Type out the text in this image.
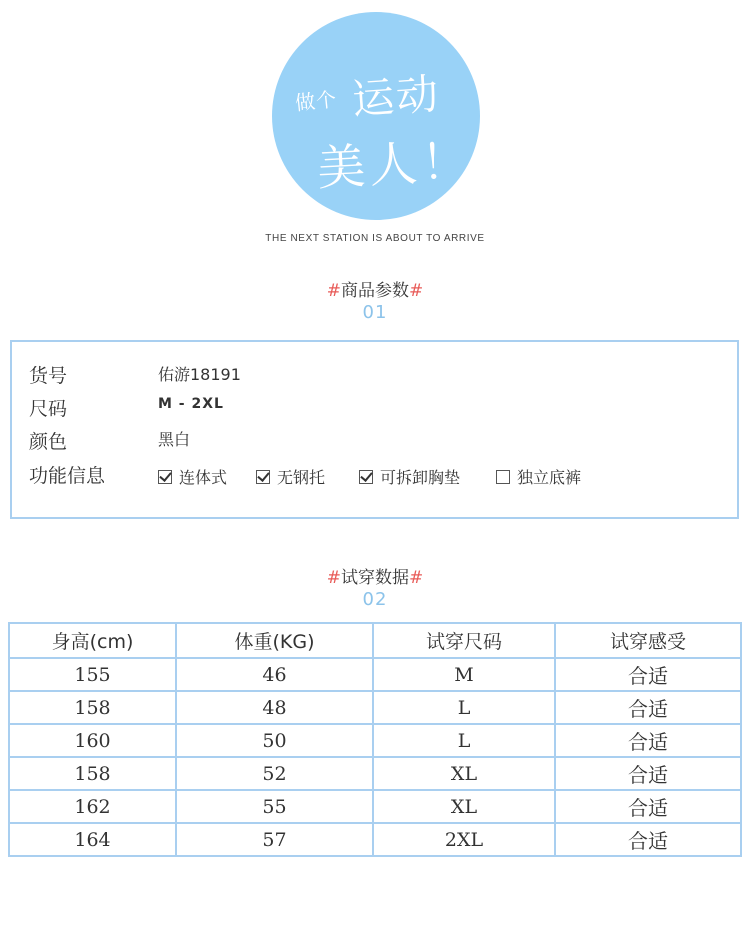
做个 运动
美人！
THE NEXT STATION IS ABOUT TO ARRIVE
#商品参数#
01
货号	佑游18191
尺码	M - 2XL
颜色	黑白
功能信息	连体式	无钢托	可拆卸胸垫	独立底裤
#试穿数据#
02
身高(cm)	体重(KG)	试穿尺码	试穿感受
155	46	M	合适
158	48	L	合适
160	50	L	合适
158	52	XL	合适
162	55	XL	合适
164	57	2XL	合适
